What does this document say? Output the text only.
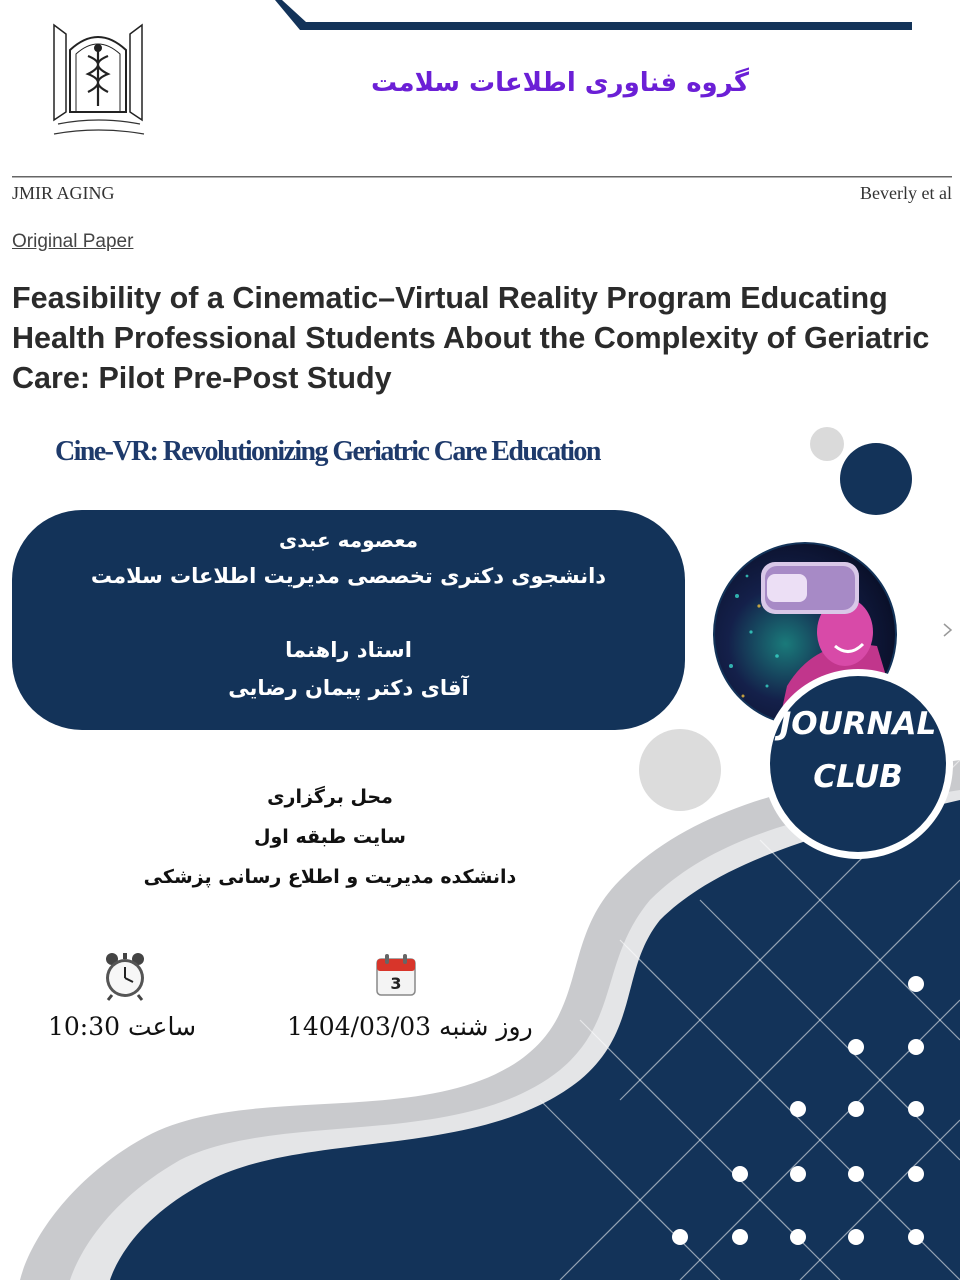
گروه فناوری اطلاعات سلامت
JMIR AGING	Beverly et al
Original Paper
Feasibility of a Cinematic–Virtual Reality Program Educating Health Professional Students About the Complexity of Geriatric Care: Pilot Pre-Post Study
Cine-VR: Revolutionizing Geriatric Care Education
معصومه عبدی
دانشجوی دکتری تخصصی مدیریت اطلاعات سلامت
استاد راهنما
آقای دکتر پیمان رضایی
JOURNAL
CLUB
محل برگزاری
سایت طبقه اول
دانشکده مدیریت و اطلاع رسانی پزشکی
3
ساعت 10:30	روز شنبه 1404/03/03
